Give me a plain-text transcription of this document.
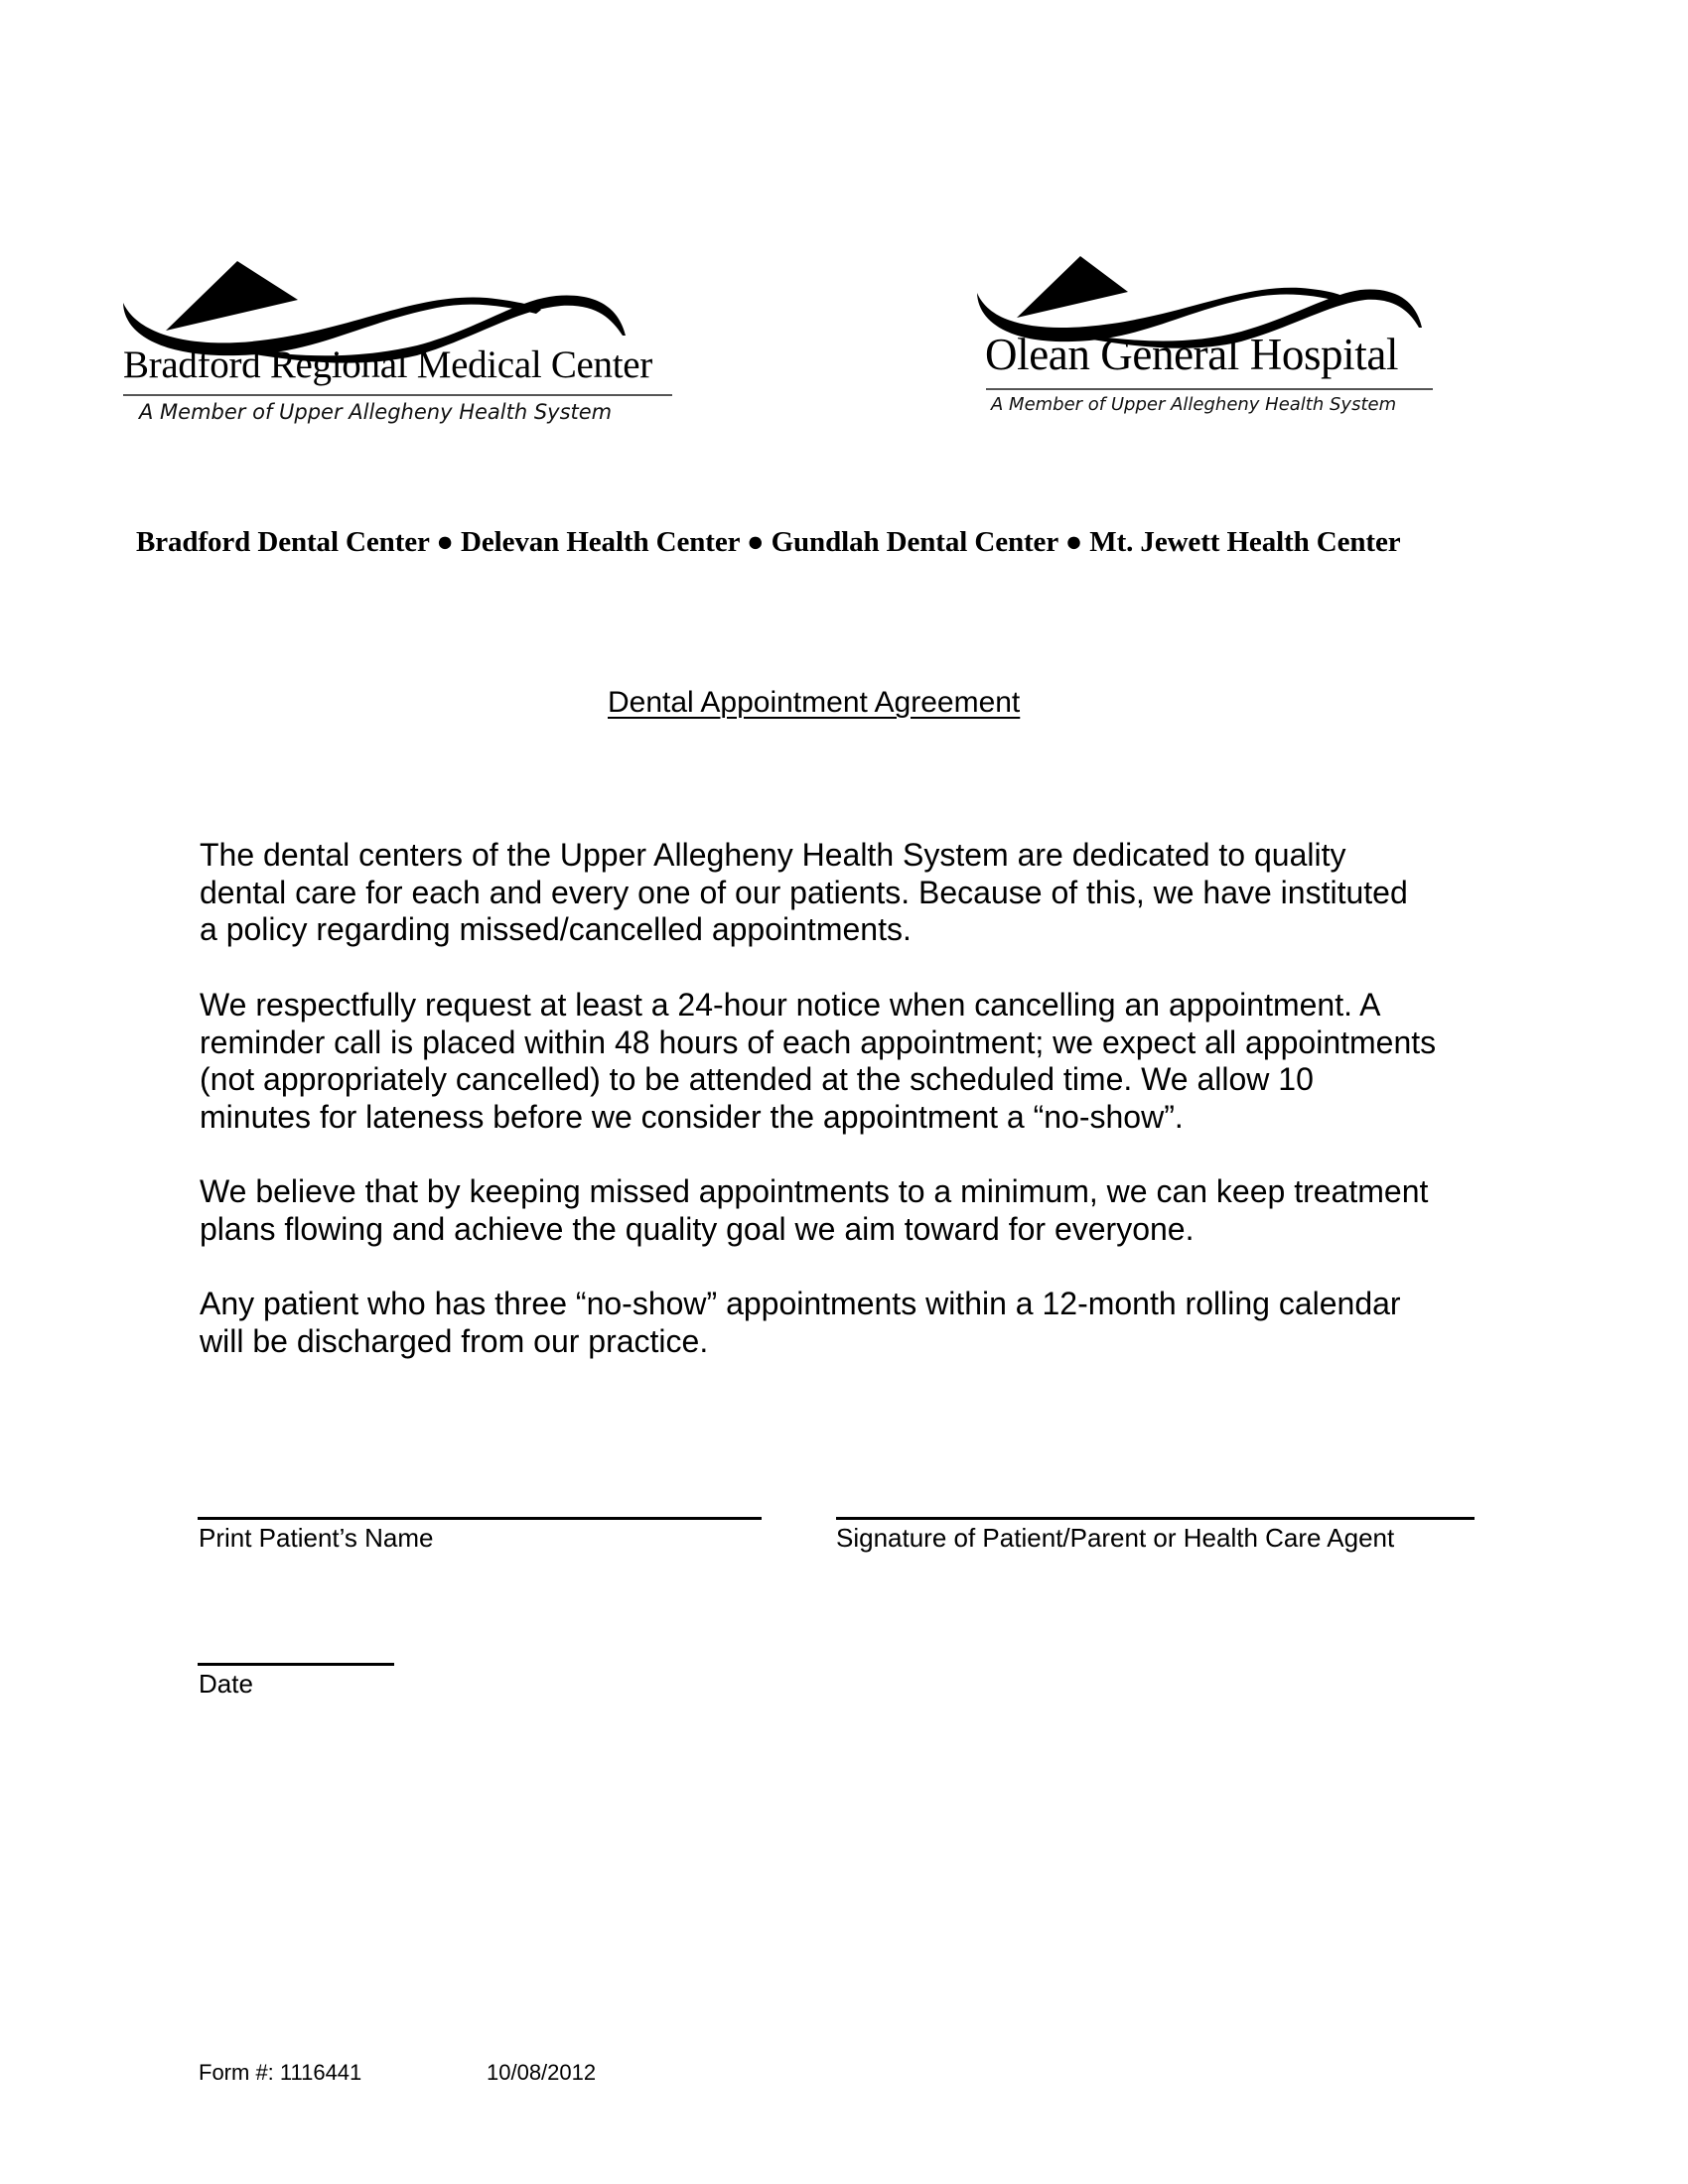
Bradford Regional Medical Center
A Member of Upper Allegheny Health System
Olean General Hospital
A Member of Upper Allegheny Health System
Bradford Dental Center ● Delevan Health Center ● Gundlah Dental Center ● Mt. Jewett Health Center
Dental Appointment Agreement
The dental centers of the Upper Allegheny Health System are dedicated to quality
dental care for each and every one of our patients. Because of this, we have instituted
a policy regarding missed/cancelled appointments.
We respectfully request at least a 24-hour notice when cancelling an appointment. A
reminder call is placed within 48 hours of each appointment; we expect all appointments
(not appropriately cancelled) to be attended at the scheduled time. We allow 10
minutes for lateness before we consider the appointment a “no-show”.
We believe that by keeping missed appointments to a minimum, we can keep treatment
plans flowing and achieve the quality goal we aim toward for everyone.
Any patient who has three “no-show” appointments within a 12-month rolling calendar
will be discharged from our practice.
Print Patient’s Name	Signature of Patient/Parent or Health Care Agent
Date
Form #: 1116441	10/08/2012
